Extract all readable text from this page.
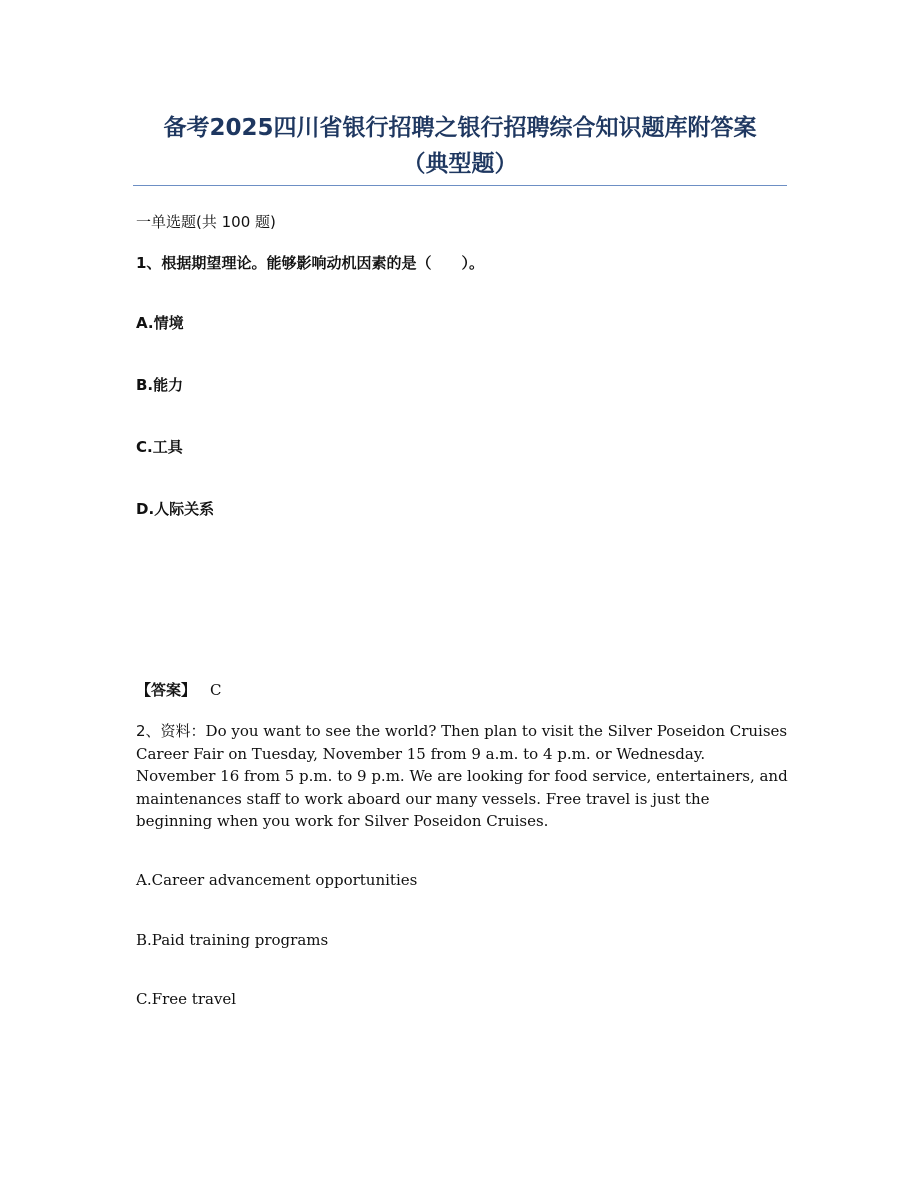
备考2025四川省银行招聘之银行招聘综合知识题库附答案
（典型题）

一单选题(共 100 题)

1、根据期望理论。能够影响动机因素的是（　　）。

A.情境

B.能力

C.工具

D.人际关系

【答案】 C

2、资料：Do you want to see the world? Then plan to visit the Silver Poseidon Cruises Career Fair on Tuesday, November 15 from 9 a.m. to 4 p.m. or Wednesday. November 16 from 5 p.m. to 9 p.m. We are looking for food service, entertainers, and maintenances staff to work aboard our many vessels. Free travel is just the beginning when you work for Silver Poseidon Cruises.

A.Career advancement opportunities

B.Paid training programs

C.Free travel
